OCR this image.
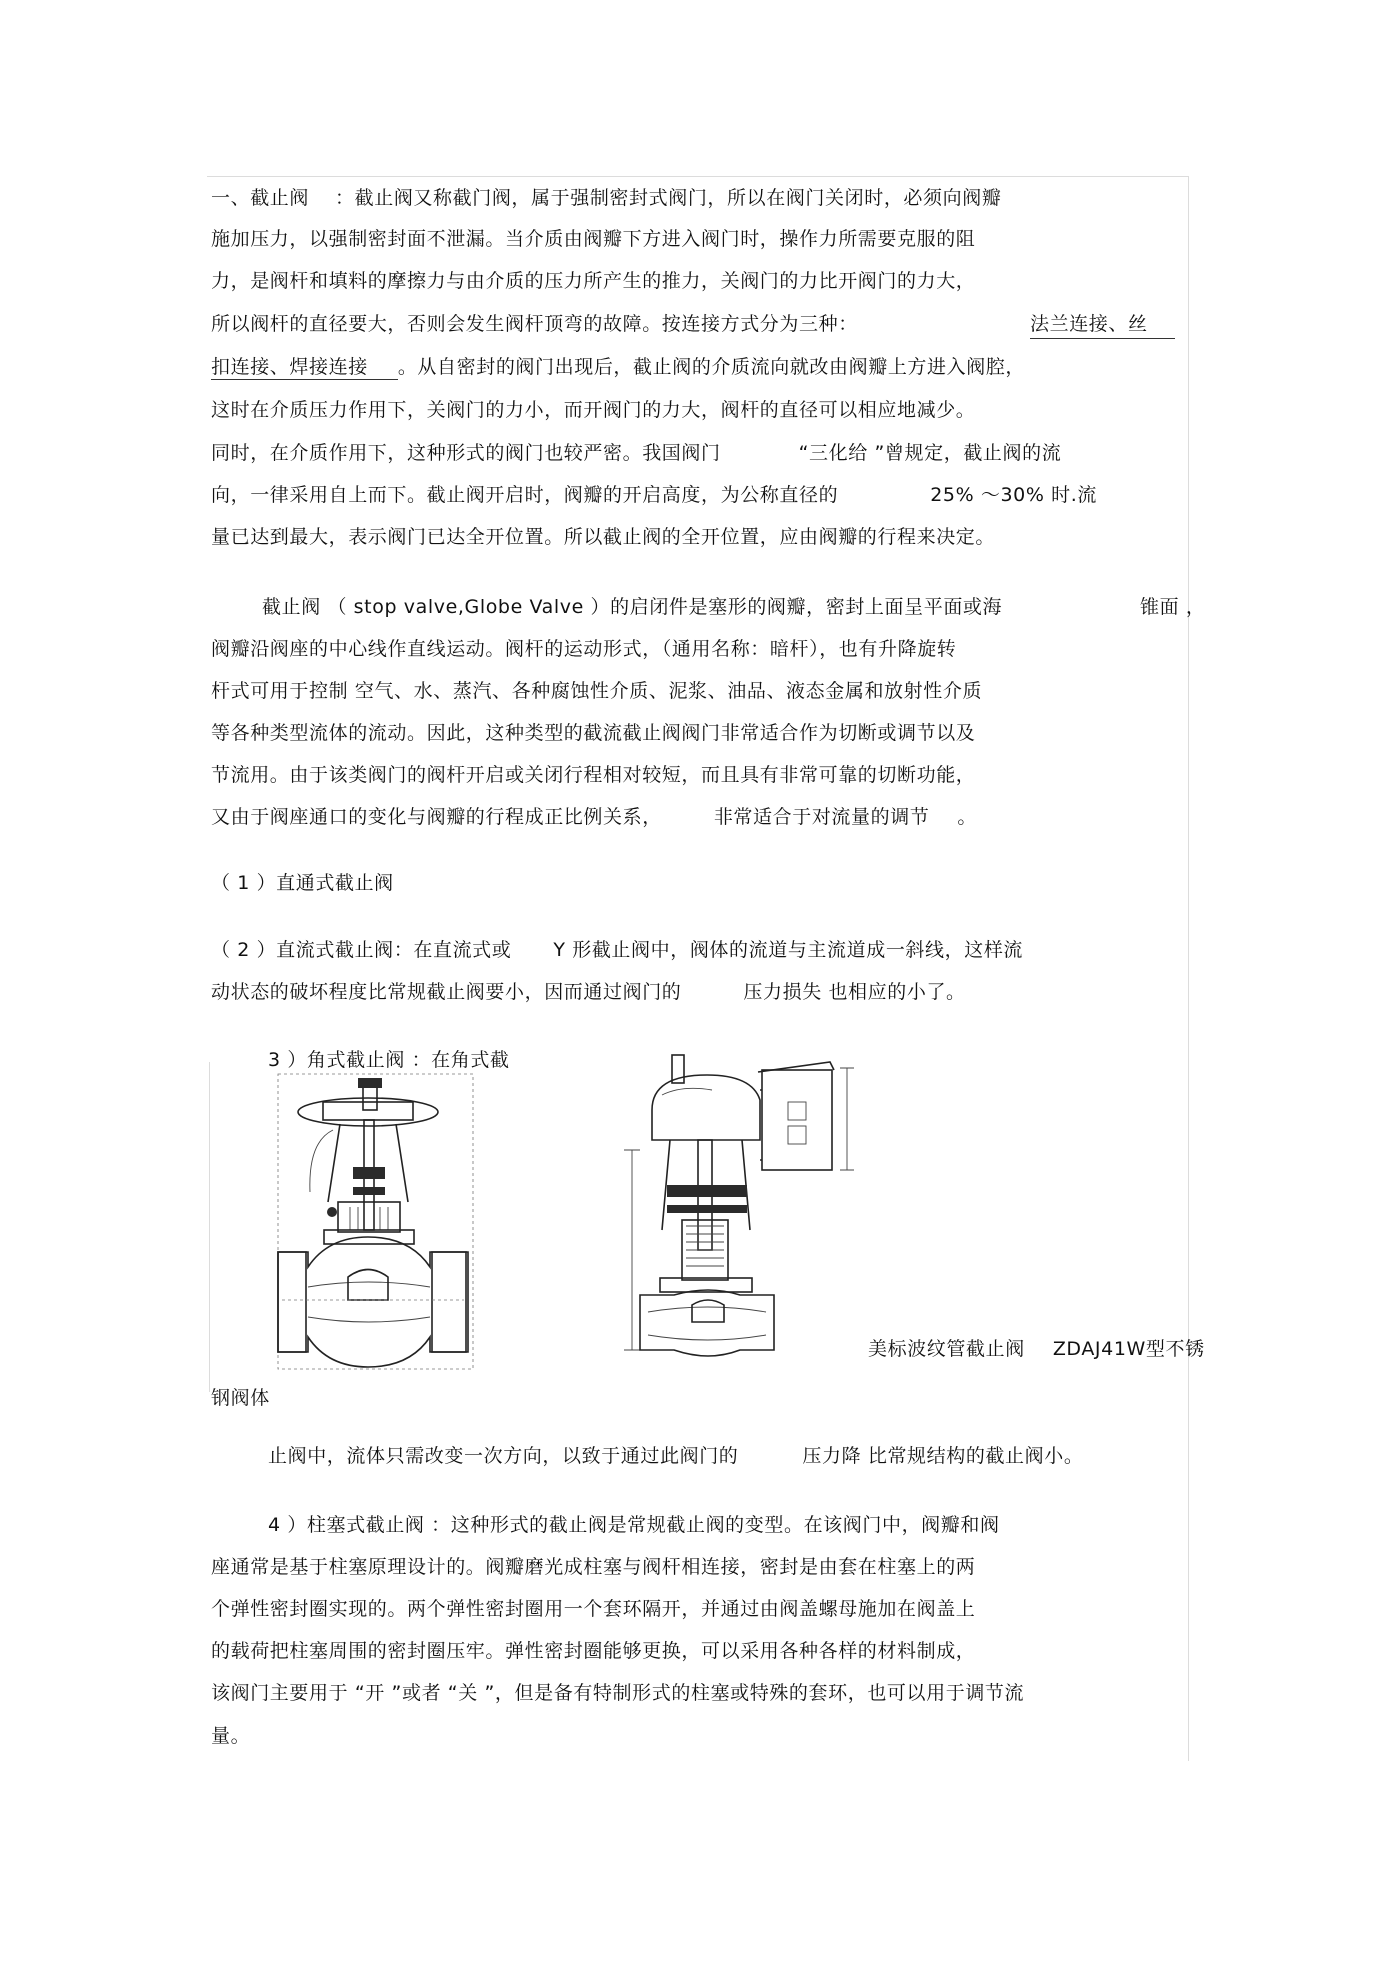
一、截止阀 ：截止阀又称截门阀，属于强制密封式阀门，所以在阀门关闭时，必须向阀瓣
施加压力，以强制密封面不泄漏。当介质由阀瓣下方进入阀门时，操作力所需要克服的阻
力，是阀杆和填料的摩擦力与由介质的压力所产生的推力，关阀门的力比开阀门的力大，
所以阀杆的直径要大，否则会发生阀杆顶弯的故障。按连接方式分为三种：	法兰连接、丝
扣连接、焊接连接 。从自密封的阀门出现后，截止阀的介质流向就改由阀瓣上方进入阀腔，
这时在介质压力作用下，关阀门的力小，而开阀门的力大，阀杆的直径可以相应地减少。
同时，在介质作用下，这种形式的阀门也较严密。我国阀门	“三化给 ”曾规定，截止阀的流
向，一律采用自上而下。截止阀开启时，阀瓣的开启高度，为公称直径的	25% ～30% 时.流
量已达到最大，表示阀门已达全开位置。所以截止阀的全开位置，应由阀瓣的行程来决定。
截止阀 （ stop valve,Globe Valve ）的启闭件是塞形的阀瓣，密封上面呈平面或海	锥面 ，
阀瓣沿阀座的中心线作直线运动。阀杆的运动形式，（通用名称：暗杆），也有升降旋转
杆式可用于控制 空气、水、蒸汽、各种腐蚀性介质、泥浆、油品、液态金属和放射性介质
等各种类型流体的流动。因此，这种类型的截流截止阀阀门非常适合作为切断或调节以及
节流用。由于该类阀门的阀杆开启或关闭行程相对较短，而且具有非常可靠的切断功能，
又由于阀座通口的变化与阀瓣的行程成正比例关系，	非常适合于对流量的调节 。
（ 1 ）直通式截止阀
（ 2 ）直流式截止阀：在直流式或 Y 形截止阀中，阀体的流道与主流道成一斜线，这样流
动状态的破坏程度比常规截止阀要小，因而通过阀门的	压力损失 也相应的小了。
3 ）角式截止阀 ：在角式截
美标波纹管截止阀 ZDAJ41W型不锈
钢阀体
止阀中，流体只需改变一次方向，以致于通过此阀门的	压力降 比常规结构的截止阀小。
4 ）柱塞式截止阀 ：这种形式的截止阀是常规截止阀的变型。在该阀门中，阀瓣和阀
座通常是基于柱塞原理设计的。阀瓣磨光成柱塞与阀杆相连接，密封是由套在柱塞上的两
个弹性密封圈实现的。两个弹性密封圈用一个套环隔开，并通过由阀盖螺母施加在阀盖上
的载荷把柱塞周围的密封圈压牢。弹性密封圈能够更换，可以采用各种各样的材料制成，
该阀门主要用于 “开 ”或者 “关 ”，但是备有特制形式的柱塞或特殊的套环，也可以用于调节流
量。
